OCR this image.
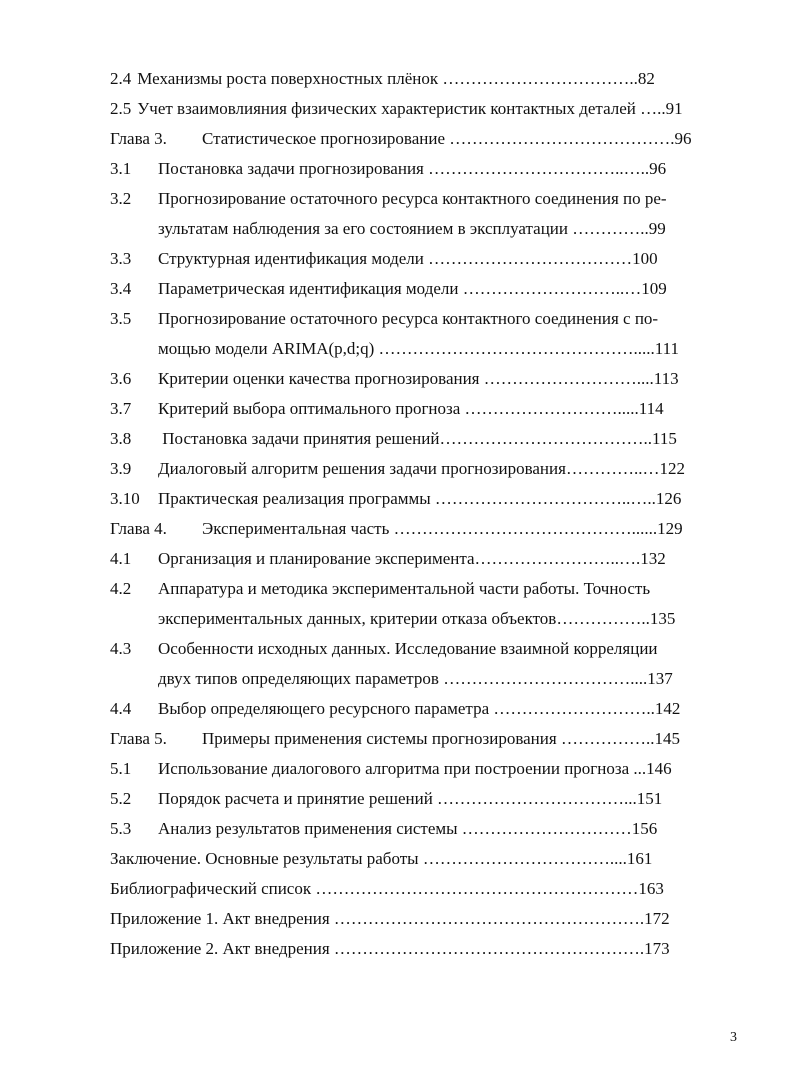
2.4 Механизмы роста поверхностных плёнок ……………………………..82
2.5 Учет взаимовлияния физических характеристик контактных деталей …..91
Глава 3. Статистическое прогнозирование ………………………………….96
3.1 Постановка задачи прогнозирования ……………………………..…..96
3.2 Прогнозирование остаточного ресурса контактного соединения по ре-
зультатам наблюдения за его состоянием в эксплуатации …………..99
3.3 Структурная идентификация модели ………………………………100
3.4 Параметрическая идентификация модели ………………………..…109
3.5 Прогнозирование остаточного ресурса контактного соединения с по-
мощью модели ARIMA(p,d;q) ……………………………………….....111
3.6 Критерии оценки качества прогнозирования ………………………....113
3.7 Критерий выбора оптимального прогноза ……………………….....114
3.8 Постановка задачи принятия решений………………………………..115
3.9 Диалоговый алгоритм решения задачи прогнозирования…………..…122
3.10 Практическая реализация программы ……………………………..…..126
Глава 4. Экспериментальная часть ……………………………………......129
4.1 Организация и планирование эксперимента……………………..….132
4.2 Аппаратура и методика экспериментальной части работы. Точность
экспериментальных данных, критерии отказа объектов……………..135
4.3 Особенности исходных данных. Исследование взаимной корреляции
двух типов определяющих параметров ……………………………....137
4.4 Выбор определяющего ресурсного параметра ………………………..142
Глава 5. Примеры применения системы прогнозирования ……………..145
5.1 Использование диалогового алгоритма при построении прогноза ...146
5.2 Порядок расчета и принятие решений ……………………………...151
5.3 Анализ результатов применения системы …………………………156
Заключение. Основные результаты работы ……………………………....161
Библиографический список …………………………………………………163
Приложение 1. Акт внедрения ……………………………………………….172
Приложение 2. Акт внедрения ……………………………………………….173
3
